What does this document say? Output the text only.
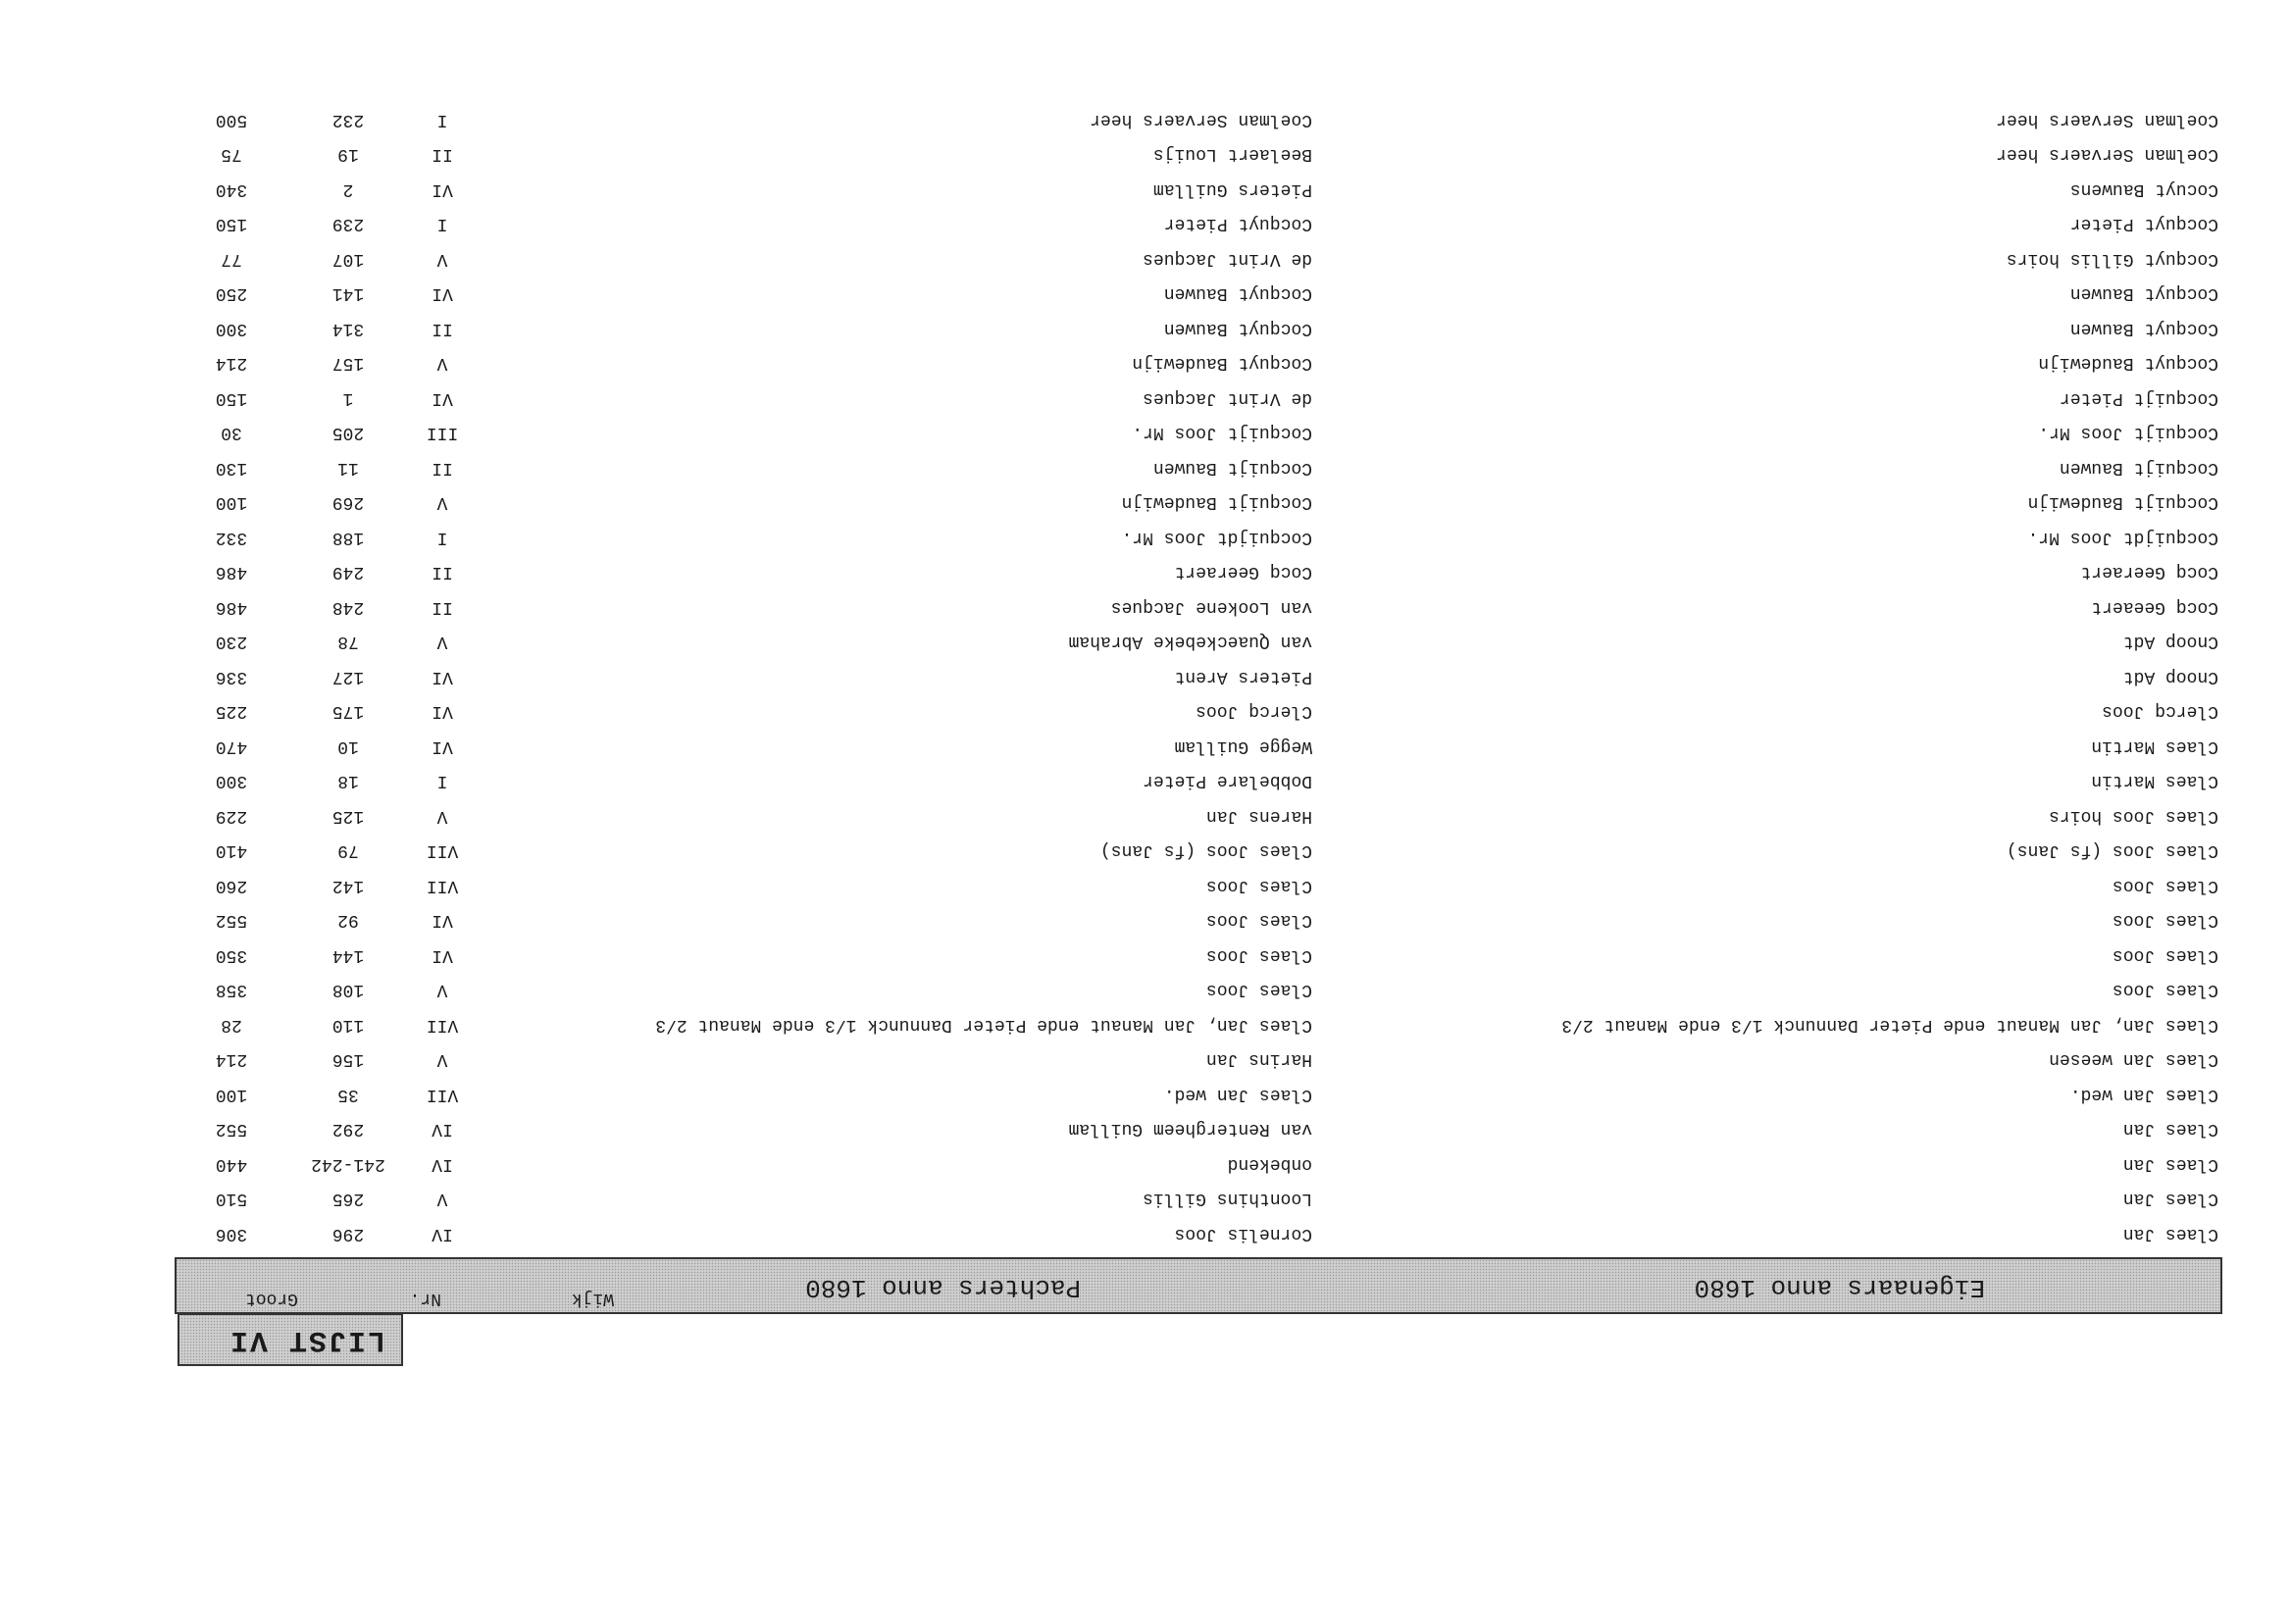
LIJST VI
Eigenaars anno 1680
Pachters anno 1680
Wijk
Nr.
Groot
Claes Jan
Cornelis Joos
IV
296
306
Claes Jan
Loonthins Gillis
V
265
510
Claes Jan
onbekend
IV
241-242
440
Claes Jan
van Rentergheem Guillam
IV
292
552
Claes Jan wed.
Claes Jan wed.
VII
35
100
Claes Jan weesen
Harins Jan
V
156
214
Claes Jan, Jan Manaut ende Pieter Dannunck 1/3 ende Manaut 2/3
Claes Jan, Jan Manaut ende Pieter Dannunck 1/3 ende Manaut 2/3
VII
110
28
Claes Joos
Claes Joos
V
108
358
Claes Joos
Claes Joos
VI
144
350
Claes Joos
Claes Joos
VI
92
552
Claes Joos
Claes Joos
VII
142
260
Claes Joos (fs Jans)
Claes Joos (fs Jans)
VII
79
410
Claes Joos hoirs
Harens Jan
V
125
229
Claes Martin
Dobbelare Pieter
I
18
300
Claes Martin
Wegge Guillam
VI
10
470
Clercq Joos
Clercq Joos
VI
175
225
Cnoop Adt
Pieters Arent
VI
127
336
Cnoop Adt
van Quaeckebeke Abraham
V
78
230
Cocq Geeaert
van Lookene Jacques
II
248
486
Cocq Geeraert
Cocq Geeraert
II
249
486
Cocquijdt Joos Mr.
Cocquijdt Joos Mr.
I
188
332
Cocquijt Baudewijn
Cocquijt Baudewijn
V
269
100
Cocquijt Bauwen
Cocquijt Bauwen
II
11
130
Cocquijt Joos Mr.
Cocquijt Joos Mr.
III
205
30
Cocquijt Pieter
de Vrint Jacques
VI
1
150
Cocquyt Baudewijn
Cocquyt Baudewijn
V
157
214
Cocquyt Bauwen
Cocquyt Bauwen
II
314
300
Cocquyt Bauwen
Cocquyt Bauwen
VI
141
250
Cocquyt Gillis hoirs
de Vrint Jacques
V
107
77
Cocquyt Pieter
Cocquyt Pieter
I
239
150
Cocuyt Bauwens
Pieters Guillam
VI
2
340
Coelman Servaers heer
Beelaert Louijs
II
19
75
Coelman Servaers heer
Coelman Servaers heer
I
232
500
